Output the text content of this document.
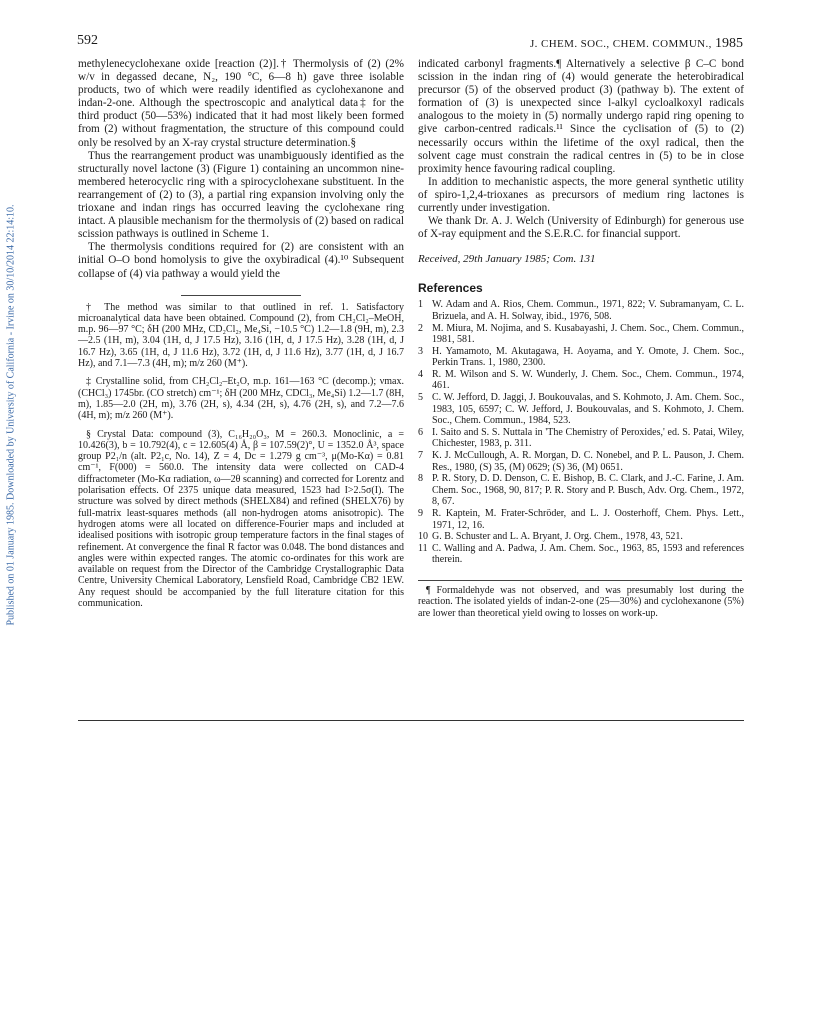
592	J. CHEM. SOC., CHEM. COMMUN., 1985
Published on 01 January 1985. Downloaded by University of California - Irvine on 30/10/2014 22:14:10.

methylenecyclohexane oxide [reaction (2)].† Thermolysis of (2) (2% w/v in degassed decane, N₂, 190 °C, 6—8 h) gave three isolable products, two of which were readily identified as cyclohexanone and indan-2-one. Although the spectroscopic and analytical data‡ for the third product (50—53%) indicated that it had most likely been formed from (2) without fragmentation, the structure of this compound could only be resolved by an X-ray crystal structure determination.§

Thus the rearrangement product was unambiguously identified as the structurally novel lactone (3) (Figure 1) containing an uncommon nine-membered heterocyclic ring with a spirocyclohexane substituent. In the rearrangement of (2) to (3), a partial ring expansion involving only the trioxane and indan rings has occurred leaving the cyclohexane ring intact. A plausible mechanism for the thermolysis of (2) based on radical scission pathways is outlined in Scheme 1.

The thermolysis conditions required for (2) are consistent with an initial O–O bond homolysis to give the oxybiradical (4).¹⁰ Subsequent collapse of (4) via pathway a would yield the

† The method was similar to that outlined in ref. 1. Satisfactory microanalytical data have been obtained. Compound (2), from CH₂Cl₂–MeOH, m.p. 96—97 °C; δH (200 MHz, CD₂Cl₂, Me₄Si, −10.5 °C) 1.2—1.8 (9H, m), 2.3—2.5 (1H, m), 3.04 (1H, d, J 17.5 Hz), 3.16 (1H, d, J 17.5 Hz), 3.28 (1H, d, J 16.7 Hz), 3.65 (1H, d, J 11.6 Hz), 3.72 (1H, d, J 11.6 Hz), 3.77 (1H, d, J 16.7 Hz), and 7.1—7.3 (4H, m); m/z 260 (M⁺).

‡ Crystalline solid, from CH₂Cl₂–Et₂O, m.p. 161—163 °C (decomp.); νmax. (CHCl₃) 1745br. (CO stretch) cm⁻¹; δH (200 MHz, CDCl₃, Me₄Si) 1.2—1.7 (8H, m), 1.85—2.0 (2H, m), 3.76 (2H, s), 4.34 (2H, s), 4.76 (2H, s), and 7.2—7.6 (4H, m); m/z 260 (M⁺).

§ Crystal Data: compound (3), C₁₆H₂₀O₃, M = 260.3. Monoclinic, a = 10.426(3), b = 10.792(4), c = 12.605(4) Å, β = 107.59(2)°, U = 1352.0 Å³, space group P2₁/n (alt. P2₁c, No. 14), Z = 4, Dc = 1.279 g cm⁻³, μ(Mo-Kα) = 0.81 cm⁻¹, F(000) = 560.0. The intensity data were collected on CAD-4 diffractometer (Mo-Kα radiation, ω—2θ scanning) and corrected for Lorentz and polarisation effects. Of 2375 unique data measured, 1523 had I>2.5σ(I). The structure was solved by direct methods (SHELX84) and refined (SHELX76) by full-matrix least-squares methods (all non-hydrogen atoms anisotropic). The hydrogen atoms were all located on difference-Fourier maps and included at idealised positions with isotropic group temperature factors in the final stages of refinement. At convergence the final R factor was 0.048. The bond distances and angles were within expected ranges. The atomic co-ordinates for this work are available on request from the Director of the Cambridge Crystallographic Data Centre, University Chemical Laboratory, Lensfield Road, Cambridge CB2 1EW. Any request should be accompanied by the full literature citation for this communication.

indicated carbonyl fragments.¶ Alternatively a selective β C–C bond scission in the indan ring of (4) would generate the heterobiradical precursor (5) of the observed product (3) (pathway b). The extent of formation of (3) is unexpected since l-alkyl cycloalkoxyl radicals analogous to the moiety in (5) normally undergo rapid ring opening to give carbon-centred radicals.¹¹ Since the cyclisation of (5) to (2) necessarily occurs within the lifetime of the oxyl radical, then the solvent cage must constrain the radical centres in (5) to be in close proximity hence favouring radical coupling.

In addition to mechanistic aspects, the more general synthetic utility of spiro-1,2,4-trioxanes as precursors of medium ring lactones is currently under investigation.

We thank Dr. A. J. Welch (University of Edinburgh) for generous use of X-ray equipment and the S.E.R.C. for financial support.

Received, 29th January 1985; Com. 131
References
1 W. Adam and A. Rios, Chem. Commun., 1971, 822; V. Subramanyam, C. L. Brizuela, and A. H. Solway, ibid., 1976, 508.
2 M. Miura, M. Nojima, and S. Kusabayashi, J. Chem. Soc., Chem. Commun., 1981, 581.
3 H. Yamamoto, M. Akutagawa, H. Aoyama, and Y. Omote, J. Chem. Soc., Perkin Trans. 1, 1980, 2300.
4 R. M. Wilson and S. W. Wunderly, J. Chem. Soc., Chem. Commun., 1974, 461.
5 C. W. Jefford, D. Jaggi, J. Boukouvalas, and S. Kohmoto, J. Am. Chem. Soc., 1983, 105, 6597; C. W. Jefford, J. Boukouvalas, and S. Kohmoto, J. Chem. Soc., Chem. Commun., 1984, 523.
6 I. Saito and S. S. Nuttala in 'The Chemistry of Peroxides,' ed. S. Patai, Wiley, Chichester, 1983, p. 311.
7 K. J. McCullough, A. R. Morgan, D. C. Nonebel, and P. L. Pauson, J. Chem. Res., 1980, (S) 35, (M) 0629; (S) 36, (M) 0651.
8 P. R. Story, D. D. Denson, C. E. Bishop, B. C. Clark, and J.-C. Farine, J. Am. Chem. Soc., 1968, 90, 817; P. R. Story and P. Busch, Adv. Org. Chem., 1972, 8, 67.
9 R. Kaptein, M. Frater-Schröder, and L. J. Oosterhoff, Chem. Phys. Lett., 1971, 12, 16.
10 G. B. Schuster and L. A. Bryant, J. Org. Chem., 1978, 43, 521.
11 C. Walling and A. Padwa, J. Am. Chem. Soc., 1963, 85, 1593 and references therein.

¶ Formaldehyde was not observed, and was presumably lost during the reaction. The isolated yields of indan-2-one (25—30%) and cyclohexanone (5%) are lower than theoretical yield owing to losses on work-up.
